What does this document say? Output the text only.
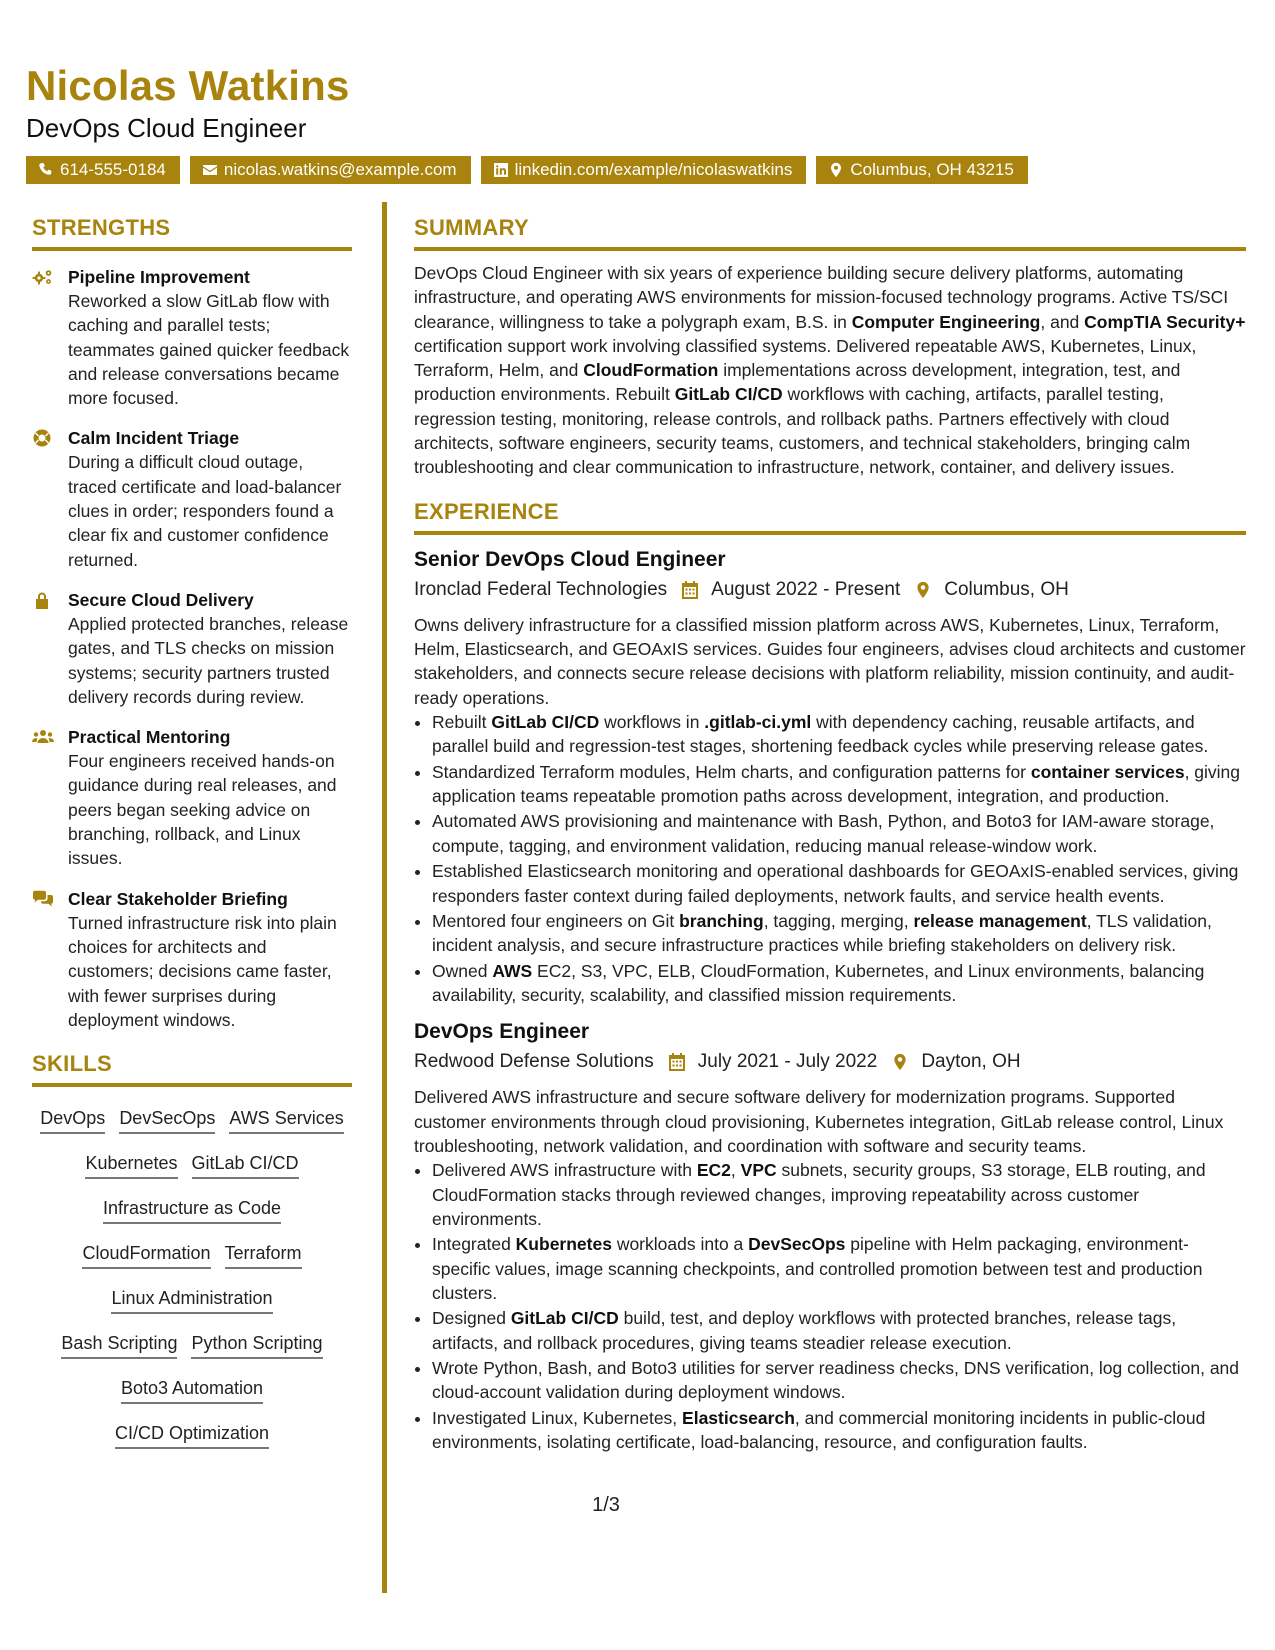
Nicolas Watkins

DevOps Cloud Engineer

614-555-0184	nicolas.watkins@example.com	linkedin.com/example/nicolaswatkins	Columbus, OH 43215
STRENGTHS
Pipeline Improvement
Reworked a slow GitLab flow with caching and parallel tests; teammates gained quicker feedback and release conversations became more focused.
Calm Incident Triage
During a difficult cloud outage, traced certificate and load-balancer clues in order; responders found a clear fix and customer confidence returned.
Secure Cloud Delivery
Applied protected branches, release gates, and TLS checks on mission systems; security partners trusted delivery records during review.
Practical Mentoring
Four engineers received hands-on guidance during real releases, and peers began seeking advice on branching, rollback, and Linux issues.
Clear Stakeholder Briefing
Turned infrastructure risk into plain choices for architects and customers; decisions came faster, with fewer surprises during deployment windows.
SKILLS
DevOps DevSecOps AWS Services
Kubernetes GitLab CI/CD
Infrastructure as Code
CloudFormation Terraform
Linux Administration
Bash Scripting Python Scripting
Boto3 Automation
CI/CD Optimization
SUMMARY

DevOps Cloud Engineer with six years of experience building secure delivery platforms, automating infrastructure, and operating AWS environments for mission-focused technology programs. Active TS/SCI clearance, willingness to take a polygraph exam, B.S. in Computer Engineering, and CompTIA Security+ certification support work involving classified systems. Delivered repeatable AWS, Kubernetes, Linux, Terraform, Helm, and CloudFormation implementations across development, integration, test, and production environments. Rebuilt GitLab CI/CD workflows with caching, artifacts, parallel testing, regression testing, monitoring, release controls, and rollback paths. Partners effectively with cloud architects, software engineers, security teams, customers, and technical stakeholders, bringing calm troubleshooting and clear communication to infrastructure, network, container, and delivery issues.

EXPERIENCE
Senior DevOps Cloud Engineer
Ironclad Federal Technologies August 2022 - Present Columbus, OH
Owns delivery infrastructure for a classified mission platform across AWS, Kubernetes, Linux, Terraform, Helm, Elasticsearch, and GEOAxIS services. Guides four engineers, advises cloud architects and customer stakeholders, and connects secure release decisions with platform reliability, mission continuity, and audit-ready operations.
• Rebuilt GitLab CI/CD workflows in .gitlab-ci.yml with dependency caching, reusable artifacts, and parallel build and regression-test stages, shortening feedback cycles while preserving release gates.
• Standardized Terraform modules, Helm charts, and configuration patterns for container services, giving application teams repeatable promotion paths across development, integration, and production.
• Automated AWS provisioning and maintenance with Bash, Python, and Boto3 for IAM-aware storage, compute, tagging, and environment validation, reducing manual release-window work.
• Established Elasticsearch monitoring and operational dashboards for GEOAxIS-enabled services, giving responders faster context during failed deployments, network faults, and service health events.
• Mentored four engineers on Git branching, tagging, merging, release management, TLS validation, incident analysis, and secure infrastructure practices while briefing stakeholders on delivery risk.
• Owned AWS EC2, S3, VPC, ELB, CloudFormation, Kubernetes, and Linux environments, balancing availability, security, scalability, and classified mission requirements.
DevOps Engineer
Redwood Defense Solutions July 2021 - July 2022 Dayton, OH
Delivered AWS infrastructure and secure software delivery for modernization programs. Supported customer environments through cloud provisioning, Kubernetes integration, GitLab release control, Linux troubleshooting, network validation, and coordination with software and security teams.
• Delivered AWS infrastructure with EC2, VPC subnets, security groups, S3 storage, ELB routing, and CloudFormation stacks through reviewed changes, improving repeatability across customer environments.
• Integrated Kubernetes workloads into a DevSecOps pipeline with Helm packaging, environment-specific values, image scanning checkpoints, and controlled promotion between test and production clusters.
• Designed GitLab CI/CD build, test, and deploy workflows with protected branches, release tags, artifacts, and rollback procedures, giving teams steadier release execution.
• Wrote Python, Bash, and Boto3 utilities for server readiness checks, DNS verification, log collection, and cloud-account validation during deployment windows.
• Investigated Linux, Kubernetes, Elasticsearch, and commercial monitoring incidents in public-cloud environments, isolating certificate, load-balancing, resource, and configuration faults.
1/3
